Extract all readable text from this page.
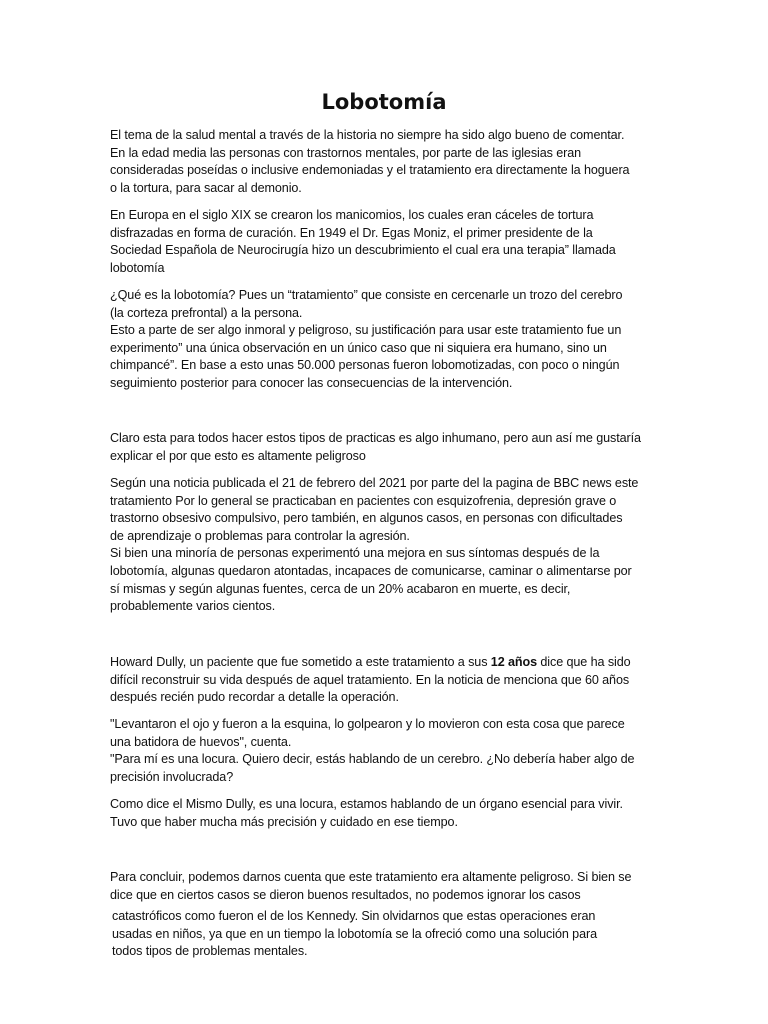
Lobotomía

El tema de la salud mental a través de la historia no siempre ha sido algo bueno de comentar.
En la edad media las personas con trastornos mentales, por parte de las iglesias eran
consideradas poseídas o inclusive endemoniadas y el tratamiento era directamente la hoguera
o la tortura, para sacar al demonio.

En Europa en el siglo XIX se crearon los manicomios, los cuales eran cáceles de tortura
disfrazadas en forma de curación. En 1949 el Dr. Egas Moniz, el primer presidente de la
Sociedad Española de Neurocirugía hizo un descubrimiento el cual era una terapia” llamada
lobotomía

¿Qué es la lobotomía? Pues un “tratamiento” que consiste en cercenarle un trozo del cerebro
(la corteza prefrontal) a la persona.
Esto a parte de ser algo inmoral y peligroso, su justificación para usar este tratamiento fue un
experimento” una única observación en un único caso que ni siquiera era humano, sino un
chimpancé”. En base a esto unas 50.000 personas fueron lobomotizadas, con poco o ningún
seguimiento posterior para conocer las consecuencias de la intervención.

Claro esta para todos hacer estos tipos de practicas es algo inhumano, pero aun así me gustaría
explicar el por que esto es altamente peligroso

Según una noticia publicada el 21 de febrero del 2021 por parte del la pagina de BBC news este
tratamiento Por lo general se practicaban en pacientes con esquizofrenia, depresión grave o
trastorno obsesivo compulsivo, pero también, en algunos casos, en personas con dificultades
de aprendizaje o problemas para controlar la agresión.
Si bien una minoría de personas experimentó una mejora en sus síntomas después de la
lobotomía, algunas quedaron atontadas, incapaces de comunicarse, caminar o alimentarse por
sí mismas y según algunas fuentes, cerca de un 20% acabaron en muerte, es decir,
probablemente varios cientos.

Howard Dully, un paciente que fue sometido a este tratamiento a sus 12 años dice que ha sido
difícil reconstruir su vida después de aquel tratamiento. En la noticia de menciona que 60 años
después recién pudo recordar a detalle la operación.

"Levantaron el ojo y fueron a la esquina, lo golpearon y lo movieron con esta cosa que parece
una batidora de huevos", cuenta.
"Para mí es una locura. Quiero decir, estás hablando de un cerebro. ¿No debería haber algo de
precisión involucrada?

Como dice el Mismo Dully, es una locura, estamos hablando de un órgano esencial para vivir.
Tuvo que haber mucha más precisión y cuidado en ese tiempo.

Para concluir, podemos darnos cuenta que este tratamiento era altamente peligroso. Si bien se
dice que en ciertos casos se dieron buenos resultados, no podemos ignorar los casos

catastróficos como fueron el de los Kennedy. Sin olvidarnos que estas operaciones eran
usadas en niños, ya que en un tiempo la lobotomía se la ofreció como una solución para
todos tipos de problemas mentales.
